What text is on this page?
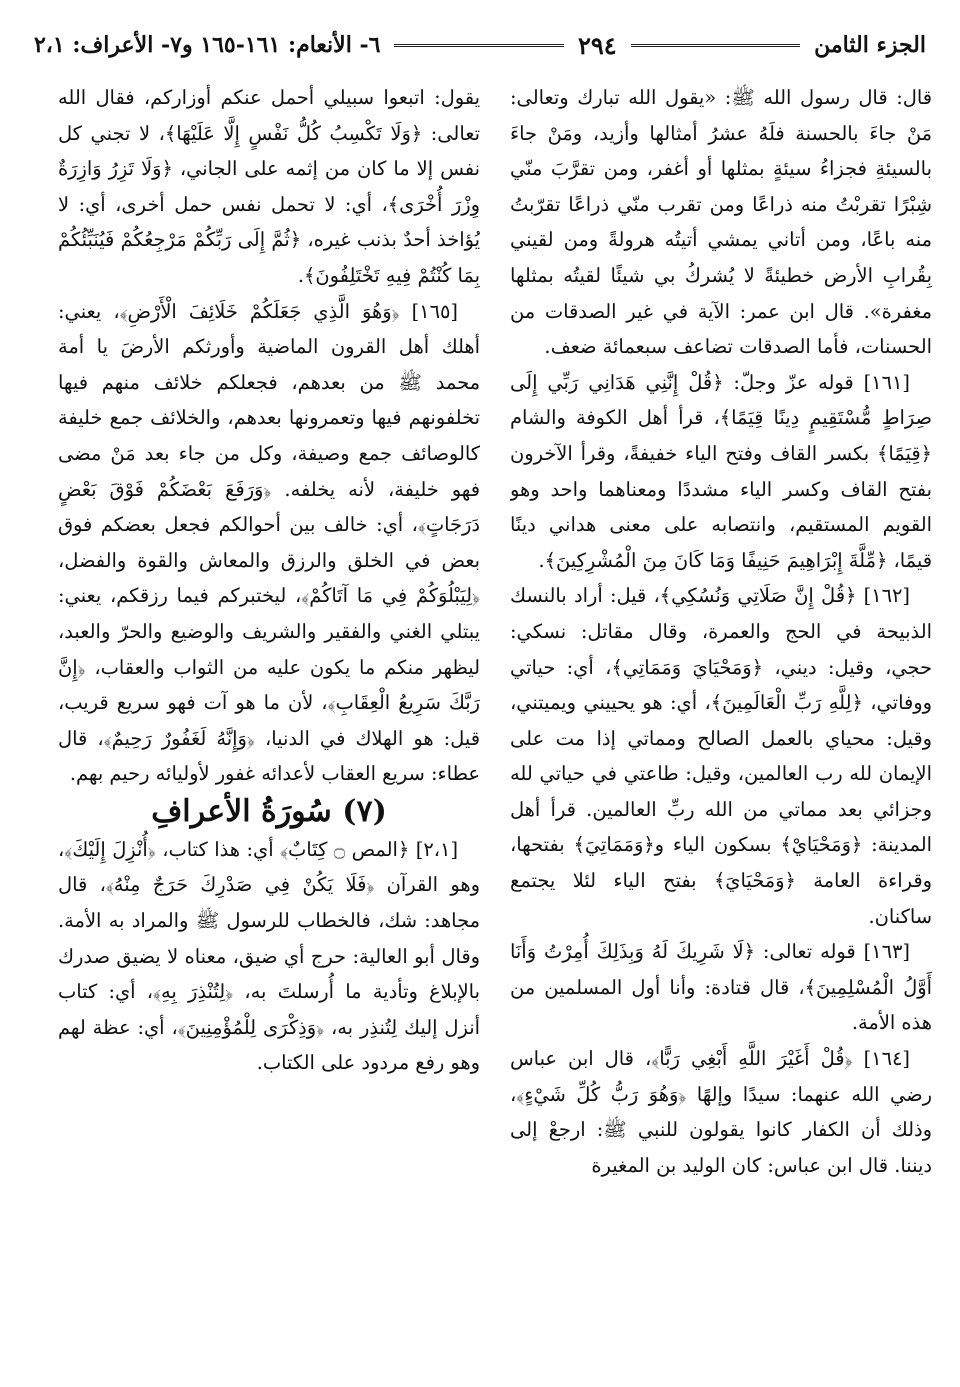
الجزء الثامن
٢٩٤
٦- الأنعام: ١٦١-١٦٥ و٧- الأعراف: ٢،١

قال: قال رسول الله ﷺ: «يقول الله تبارك وتعالى: مَنْ جاءَ بالحسنة فلَهُ عشرُ أمثالها وأزيد، ومَنْ جاءَ بالسيئةِ فجزاءُ سيئةٍ بمثلها أو أغفر، ومن تقرَّبَ منّي شِبْرًا تقربْتُ منه ذراعًا ومن تقرب منّي ذراعًا تقرّبتُ منه باعًا، ومن أتاني يمشي أتيتُه هرولةً ومن لقيني بِقُرابِ الأرض خطيئةً لا يُشركُ بي شيئًا لقيتُه بمثلها مغفرة». قال ابن عمر: الآية في غير الصدقات من الحسنات، فأما الصدقات تضاعف سبعمائة ضعف.

[١٦١] قوله عزّ وجلّ: ﴿قُلْ إِنَّنِي هَدَانِي رَبِّي إِلَى صِرَاطٍ مُّسْتَقِيمٍ دِينًا قِيَمًا﴾، قرأ أهل الكوفة والشام ﴿قِيَمًا﴾ بكسر القاف وفتح الياء خفيفةً، وقرأ الآخرون بفتح القاف وكسر الياء مشددًا ومعناهما واحد وهو القويم المستقيم، وانتصابه على معنى هداني دينًا قيمًا، ﴿مِّلَّةَ إِبْرَاهِيمَ حَنِيفًا وَمَا كَانَ مِنَ الْمُشْرِكِينَ﴾.

[١٦٢] ﴿قُلْ إِنَّ صَلَاتِي وَنُسُكِي﴾، قيل: أراد بالنسك الذبيحة في الحج والعمرة، وقال مقاتل: نسكي: حجي، وقيل: ديني، ﴿وَمَحْيَايَ وَمَمَاتِي﴾، أي: حياتي ووفاتي، ﴿لِلَّهِ رَبِّ الْعَالَمِينَ﴾، أي: هو يحييني ويميتني، وقيل: محياي بالعمل الصالح ومماتي إذا مت على الإيمان لله رب العالمين، وقيل: طاعتي في حياتي لله وجزائي بعد مماتي من الله ربِّ العالمين. قرأ أهل المدينة: ﴿وَمَحْيَايْ﴾ بسكون الياء و﴿وَمَمَاتِيَ﴾ بفتحها، وقراءة العامة ﴿وَمَحْيَايَ﴾ بفتح الياء لئلا يجتمع ساكنان.

[١٦٣] قوله تعالى: ﴿لَا شَرِيكَ لَهُ وَبِذَلِكَ أُمِرْتُ وَأَنَا أَوَّلُ الْمُسْلِمِينَ﴾، قال قتادة: وأنا أول المسلمين من هذه الأمة.

[١٦٤] ﴿قُلْ أَغَيْرَ اللَّهِ أَبْغِي رَبًّا﴾، قال ابن عباس رضي الله عنهما: سيدًا وإلهًا ﴿وَهُوَ رَبُّ كُلِّ شَيْءٍ﴾، وذلك أن الكفار كانوا يقولون للنبي ﷺ: ارجعْ إلى ديننا. قال ابن عباس: كان الوليد بن المغيرة

يقول: اتبعوا سبيلي أحمل عنكم أوزاركم، فقال الله تعالى: ﴿وَلَا تَكْسِبُ كُلُّ نَفْسٍ إِلَّا عَلَيْهَا﴾، لا تجني كل نفس إلا ما كان من إثمه على الجاني، ﴿وَلَا تَزِرُ وَازِرَةٌ وِزْرَ أُخْرَى﴾، أي: لا تحمل نفس حمل أخرى، أي: لا يُؤاخذ أحدٌ بذنب غيره، ﴿ثُمَّ إِلَى رَبِّكُمْ مَرْجِعُكُمْ فَيُنَبِّئُكُمْ بِمَا كُنْتُمْ فِيهِ تَخْتَلِفُونَ﴾.

[١٦٥] ﴿وَهُوَ الَّذِي جَعَلَكُمْ خَلَائِفَ الْأَرْضِ﴾، يعني: أهلك أهل القرون الماضية وأورثكم الأرضَ يا أمة محمد ﷺ من بعدهم، فجعلكم خلائف منهم فيها تخلفونهم فيها وتعمرونها بعدهم، والخلائف جمع خليفة كالوصائف جمع وصيفة، وكل من جاء بعد مَنْ مضى فهو خليفة، لأنه يخلفه. ﴿وَرَفَعَ بَعْضَكُمْ فَوْقَ بَعْضٍ دَرَجَاتٍ﴾، أي: خالف بين أحوالكم فجعل بعضكم فوق بعض في الخلق والرزق والمعاش والقوة والفضل، ﴿لِيَبْلُوَكُمْ فِي مَا آتَاكُمْ﴾، ليختبركم فيما رزقكم، يعني: يبتلي الغني والفقير والشريف والوضيع والحرّ والعبد، ليظهر منكم ما يكون عليه من الثواب والعقاب، ﴿إِنَّ رَبَّكَ سَرِيعُ الْعِقَابِ﴾، لأن ما هو آت فهو سريع قريب، قيل: هو الهلاك في الدنيا، ﴿وَإِنَّهُ لَغَفُورٌ رَحِيمٌ﴾، قال عطاء: سريع العقاب لأعدائه غفور لأوليائه رحيم بهم.

(٧) سُورَةُ الأعرافِ

[٢،١] ﴿المص ۝ كِتَابٌ﴾ أي: هذا كتاب، ﴿أُنْزِلَ إِلَيْكَ﴾، وهو القرآن ﴿فَلَا يَكُنْ فِي صَدْرِكَ حَرَجٌ مِنْهُ﴾، قال مجاهد: شك، فالخطاب للرسول ﷺ والمراد به الأمة. وقال أبو العالية: حرج أي ضيق، معناه لا يضيق صدرك بالإبلاغ وتأدية ما أُرسلتَ به، ﴿لِتُنْذِرَ بِهِ﴾، أي: كتاب أنزل إليك لِتُنذِر به، ﴿وَذِكْرَى لِلْمُؤْمِنِينَ﴾، أي: عظة لهم وهو رفع مردود على الكتاب.
